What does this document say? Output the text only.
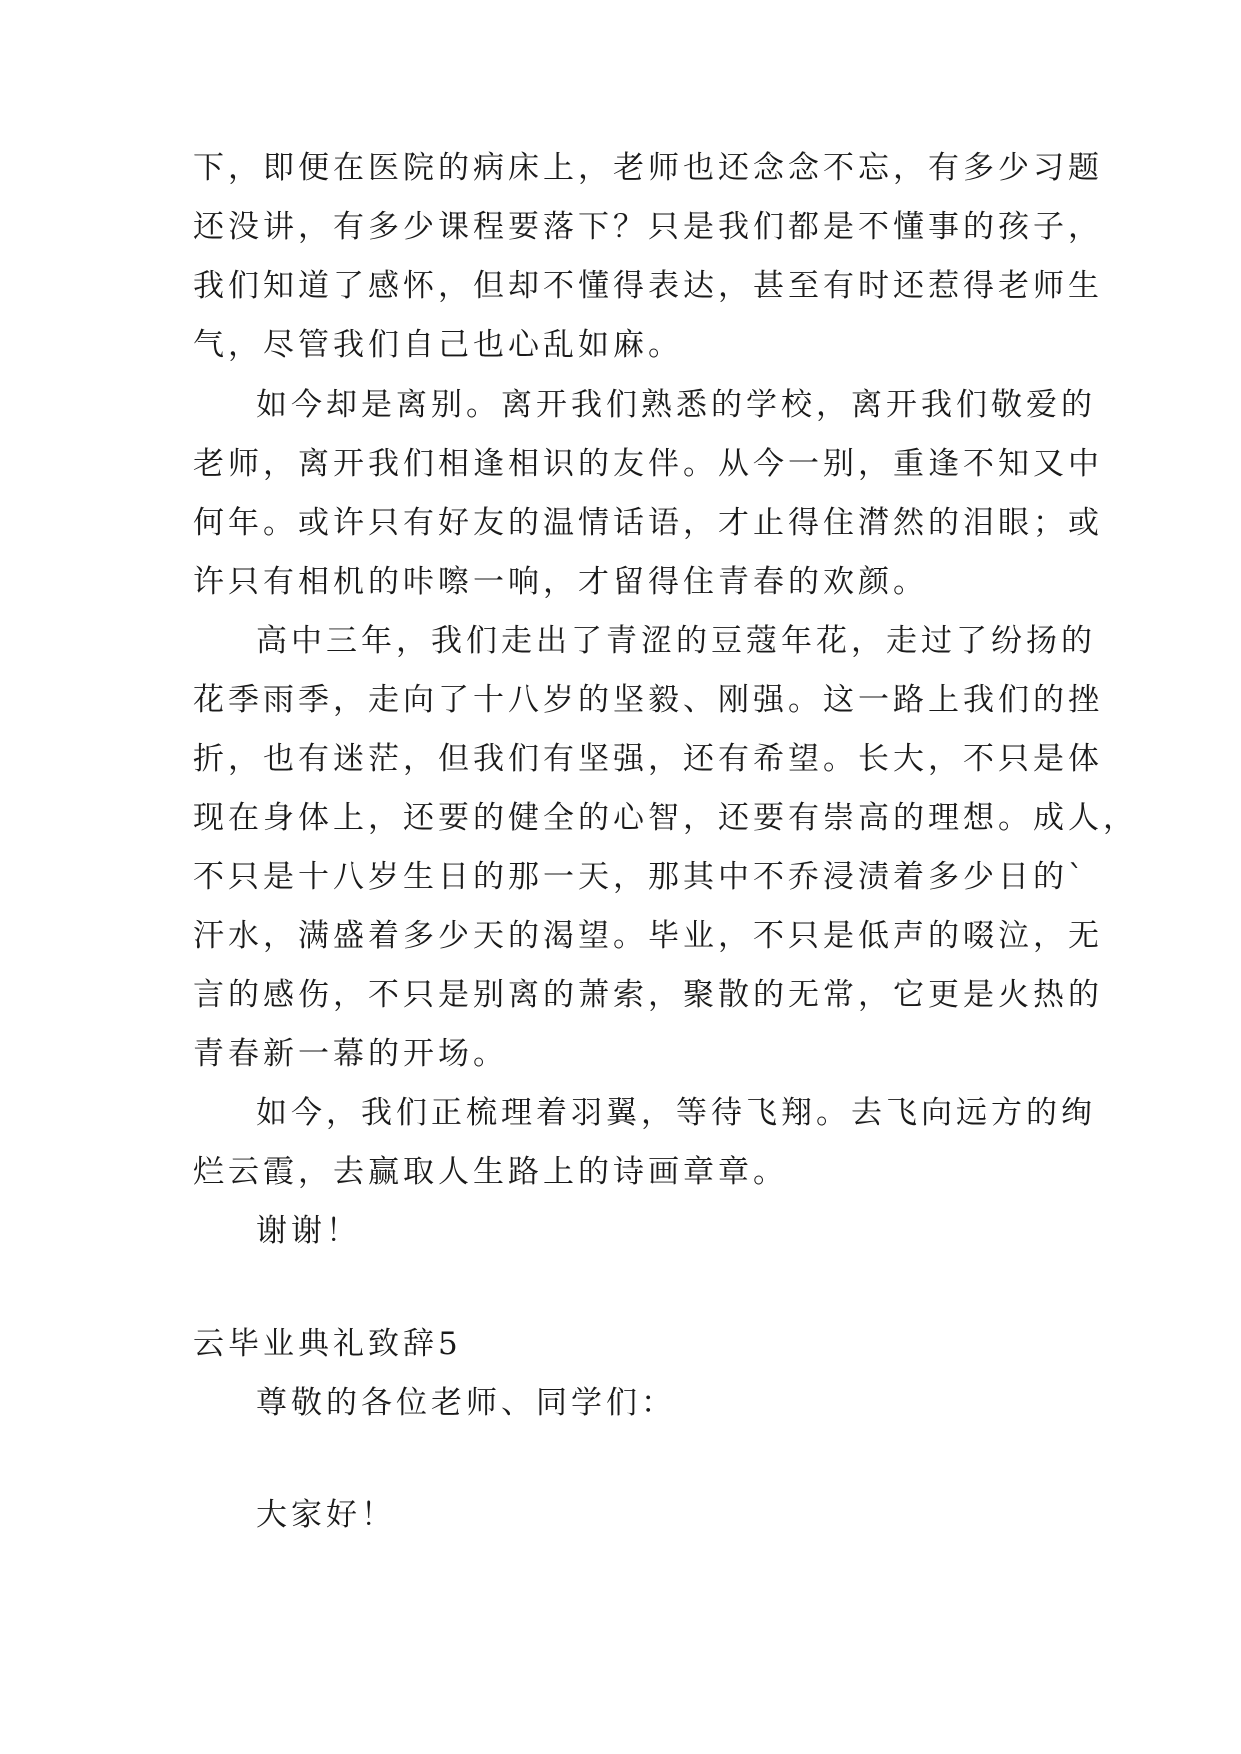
下，即便在医院的病床上，老师也还念念不忘，有多少习题
还没讲，有多少课程要落下？只是我们都是不懂事的孩子，
我们知道了感怀，但却不懂得表达，甚至有时还惹得老师生
气，尽管我们自己也心乱如麻。
如今却是离别。离开我们熟悉的学校，离开我们敬爱的
老师，离开我们相逢相识的友伴。从今一别，重逢不知又中
何年。或许只有好友的温情话语，才止得住潸然的泪眼；或
许只有相机的咔嚓一响，才留得住青春的欢颜。
高中三年，我们走出了青涩的豆蔻年花，走过了纷扬的
花季雨季，走向了十八岁的坚毅、刚强。这一路上我们的挫
折，也有迷茫，但我们有坚强，还有希望。长大，不只是体
现在身体上，还要的健全的心智，还要有崇高的理想。成人，
不只是十八岁生日的那一天，那其中不乔浸渍着多少日的`
汗水，满盛着多少天的渴望。毕业，不只是低声的啜泣，无
言的感伤，不只是别离的萧索，聚散的无常，它更是火热的
青春新一幕的开场。
如今，我们正梳理着羽翼，等待飞翔。去飞向远方的绚
烂云霞，去赢取人生路上的诗画章章。
谢谢！
云毕业典礼致辞5
尊敬的各位老师、同学们：
大家好！
